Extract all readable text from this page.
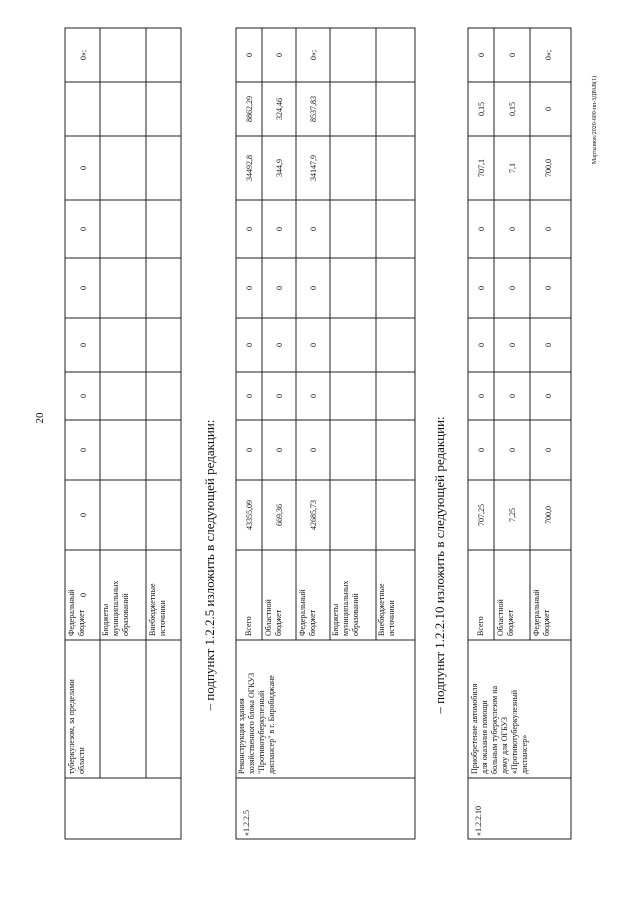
20
Мартынюк/2020-600-пп-3ДРАВ(1)
– подпункт 1.2.2.5 изложить в следующей редакции:	– подпункт 1.2.2.10 изложить в следующей редакции:
туберкулезом, за пределами области
Федеральный бюджет Бюджеты муниципальных образований Внебюджетные источники
0
0
0
0
0
0
0
0
0»;
«1.2.2.5
Реконструкция здания хозяйственного блока ОГКУЗ "Противотуберкулезный диспансер" в г. Биробиджане
Всего Областной бюджет Федеральный бюджет Бюджеты муниципальных образований Внебюджетные источники
43355,09
0
0
0
0
0
34492,8
8862,29
0
669,36
0
0
0
0
0
344,9
324,46
0
42685,73
0
0
0
0
0
34147,9
8537,83
0»;
«1.2.2.10
Приобретение автомобиля для оказания помощи больным туберкулезом на дому для ОГБУЗ «Противотуберкулезный диспансер»
Всего Областной бюджет Федеральный бюджет
707,25
0
0
0
0
0
707,1
0,15
0
7,25
0
0
0
0
0
7,1
0,15
0
700,0
0
0
0
0
0
700,0
0
0»;
